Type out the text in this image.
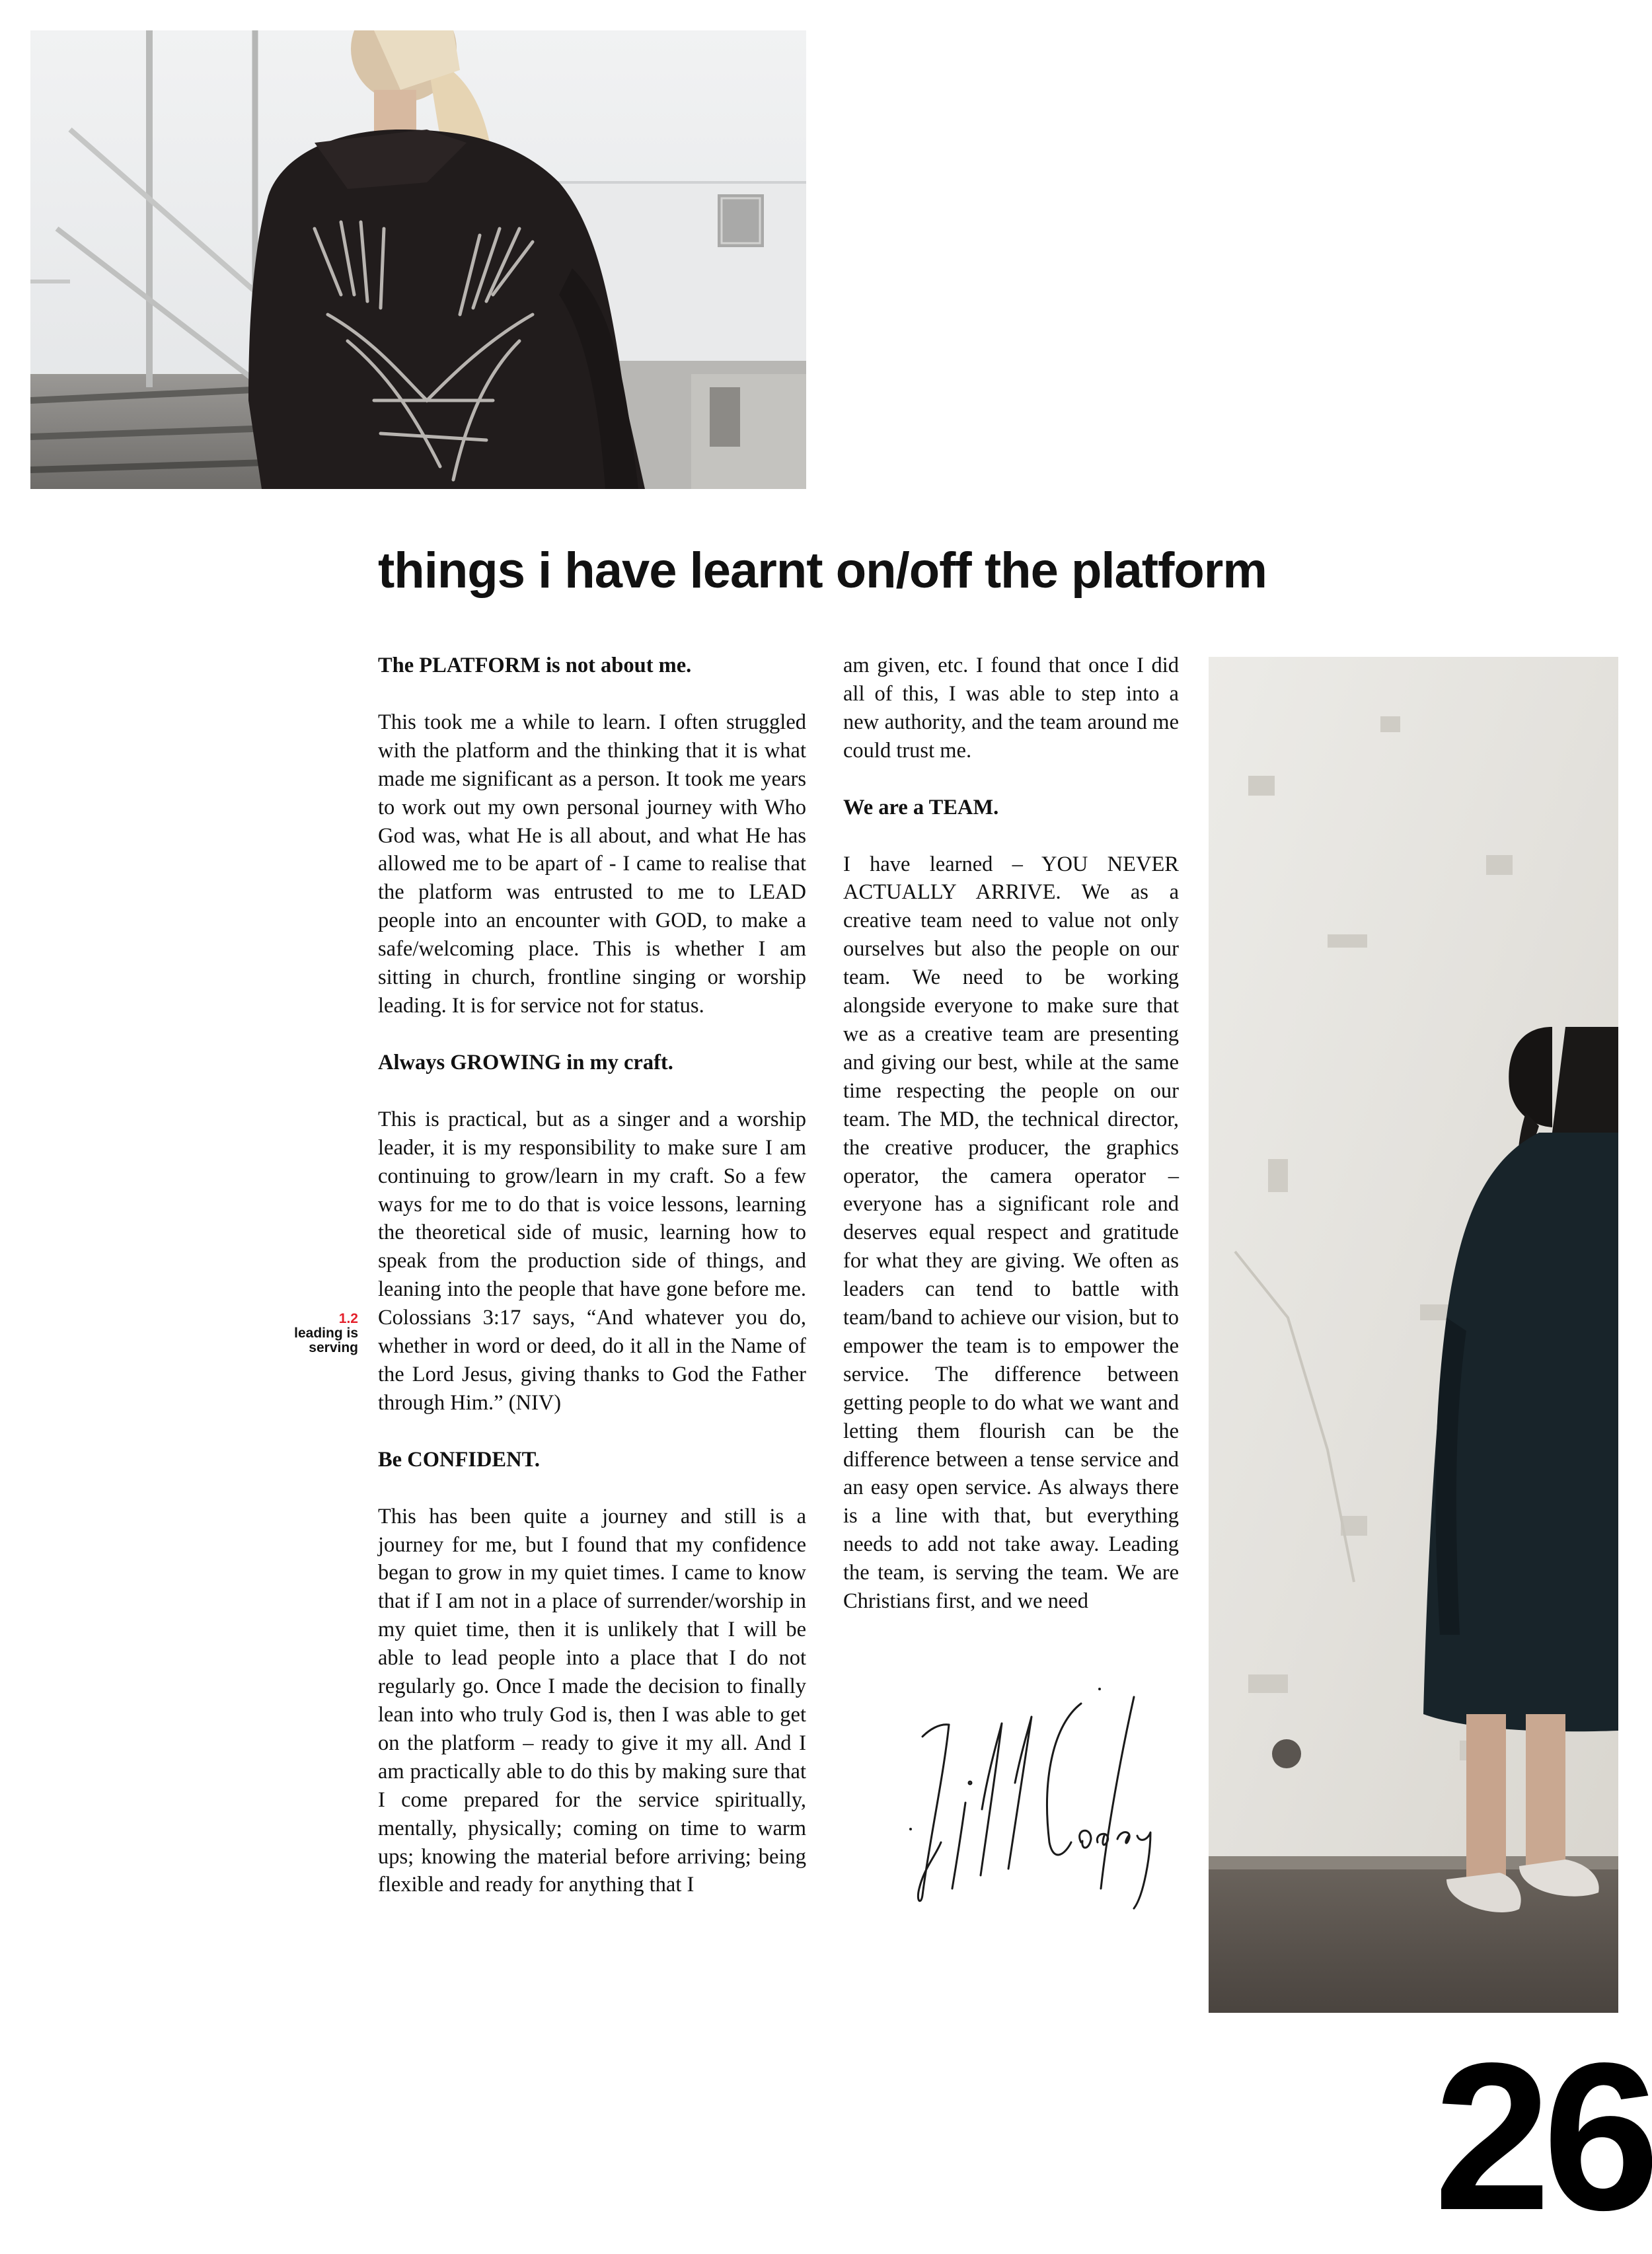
things i have learnt on/off the platform
1.2
leading is
serving
The PLATFORM is not about me.

This took me a while to learn. I often struggled with the platform and the thinking that it is what made me significant as a person. It took me years to work out my own personal journey with Who God was, what He is all about, and what He has allowed me to be apart of - I came to realise that the platform was entrusted to me to LEAD people into an encounter with GOD, to make a safe/welcoming place. This is whether I am sitting in church, frontline singing or worship leading. It is for service not for status.

Always GROWING in my craft.

This is practical, but as a singer and a worship leader, it is my responsibility to make sure I am continuing to grow/learn in my craft. So a few ways for me to do that is voice lessons, learning the theoretical side of music, learning how to speak from the production side of things, and leaning into the people that have gone before me. Colossians 3:17 says, “And whatever you do, whether in word or deed, do it all in the Name of the Lord Jesus, giving thanks to God the Father through Him.” (NIV)

Be CONFIDENT.

This has been quite a journey and still is a journey for me, but I found that my confidence began to grow in my quiet times. I came to know that if I am not in a place of surrender/worship in my quiet time, then it is unlikely that I will be able to lead people into a place that I do not regularly go. Once I made the decision to finally lean into who truly God is, then I was able to get on the platform – ready to give it my all. And I am practically able to do this by making sure that I come prepared for the service spiritually, mentally, physically; coming on time to warm ups; knowing the material before arriving; being flexible and ready for anything that I

am given, etc. I found that once I did all of this, I was able to step into a new authority, and the team around me could trust me.

We are a TEAM.

I have learned – YOU NEVER ACTUALLY ARRIVE. We as a creative team need to value not only ourselves but also the people on our team. We need to be working alongside everyone to make sure that we as a creative team are presenting and giving our best, while at the same time respecting the people on our team. The MD, the technical director, the creative producer, the graphics operator, the camera operator – everyone has a significant role and deserves equal respect and gratitude for what they are giving. We often as leaders can tend to battle with team/band to achieve our vision, but to empower the team is to empower the service. The difference between getting people to do what we want and letting them flourish can be the difference between a tense service and an easy open service. As always there is a line with that, but everything needs to add not take away. Leading the team, is serving the team. We are Christians first, and we need

26
